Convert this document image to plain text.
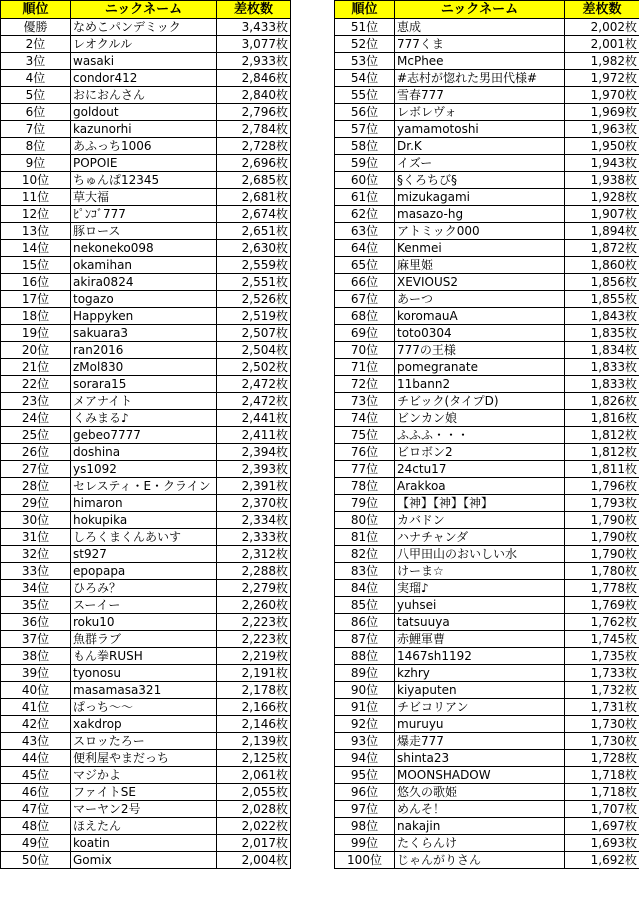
順位	ニックネーム	差枚数
優勝	なめこパンデミック	3,433枚
2位	レオクルル	3,077枚
3位	wasaki	2,933枚
4位	condor412	2,846枚
5位	おにおんさん	2,840枚
6位	goldout	2,796枚
7位	kazunorhi	2,784枚
8位	あふっち1006	2,728枚
9位	POPOIE	2,696枚
10位	ちゅんぱ12345	2,685枚
11位	草大福	2,681枚
12位	ﾋﾟﾝｺﾞ777	2,674枚
13位	豚ロース	2,651枚
14位	nekoneko098	2,630枚
15位	okamihan	2,559枚
16位	akira0824	2,551枚
17位	togazo	2,526枚
18位	Happyken	2,519枚
19位	sakuara3	2,507枚
20位	ran2016	2,504枚
21位	zMol830	2,502枚
22位	sorara15	2,472枚
23位	メアナイト	2,472枚
24位	くみまる♪	2,441枚
25位	gebeo7777	2,411枚
26位	doshina	2,394枚
27位	ys1092	2,393枚
28位	セレスティ・E・クライン	2,391枚
29位	himaron	2,370枚
30位	hokupika	2,334枚
31位	しろくまくんあいす	2,333枚
32位	st927	2,312枚
33位	epopapa	2,288枚
34位	ひろみ？	2,279枚
35位	スーイー	2,260枚
36位	roku10	2,223枚
37位	魚群ラブ	2,223枚
38位	もん拳RUSH	2,219枚
39位	tyonosu	2,191枚
40位	masamasa321	2,178枚
41位	ぱっち～～	2,166枚
42位	xakdrop	2,146枚
43位	スロッたろー	2,139枚
44位	便利屋やまだっち	2,125枚
45位	マジかよ	2,061枚
46位	ファイトSE	2,055枚
47位	マーヤン2号	2,028枚
48位	ほえたん	2,022枚
49位	koatin	2,017枚
50位	Gomix	2,004枚
順位	ニックネーム	差枚数
51位	恵成	2,002枚
52位	777くま	2,001枚
53位	McPhee	1,982枚
54位	#志村が惚れた男田代様#	1,972枚
55位	雪春777	1,970枚
56位	レボレヴォ	1,969枚
57位	yamamotoshi	1,963枚
58位	Dr.K	1,950枚
59位	イズー	1,943枚
60位	§くろちび§	1,938枚
61位	mizukagami	1,928枚
62位	masazo-hg	1,907枚
63位	アトミック000	1,894枚
64位	Kenmei	1,872枚
65位	麻里姫	1,860枚
66位	XEVIOUS2	1,856枚
67位	あーつ	1,855枚
68位	koromauA	1,843枚
69位	toto0304	1,835枚
70位	777の王様	1,834枚
71位	pomegranate	1,833枚
72位	11bann2	1,833枚
73位	チビック(タイプD)	1,826枚
74位	ビンカン娘	1,816枚
75位	ふふふ・・・	1,812枚
76位	ビロボン2	1,812枚
77位	24ctu17	1,811枚
78位	Arakkoa	1,796枚
79位	【神】【神】【神】	1,793枚
80位	カバドン	1,790枚
81位	ハナチャンダ	1,790枚
82位	八甲田山のおいしい水	1,790枚
83位	けーま☆	1,780枚
84位	実瑠♪	1,778枚
85位	yuhsei	1,769枚
86位	tatsuuya	1,762枚
87位	赤鯉軍曹	1,745枚
88位	1467sh1192	1,735枚
89位	kzhry	1,733枚
90位	kiyaputen	1,732枚
91位	チビコリアン	1,731枚
92位	muruyu	1,730枚
93位	爆走777	1,730枚
94位	shinta23	1,728枚
95位	MOONSHADOW	1,718枚
96位	悠久の歌姫	1,718枚
97位	めんそ！	1,707枚
98位	nakajin	1,697枚
99位	たくらんけ	1,693枚
100位	じゃんがりさん	1,692枚
